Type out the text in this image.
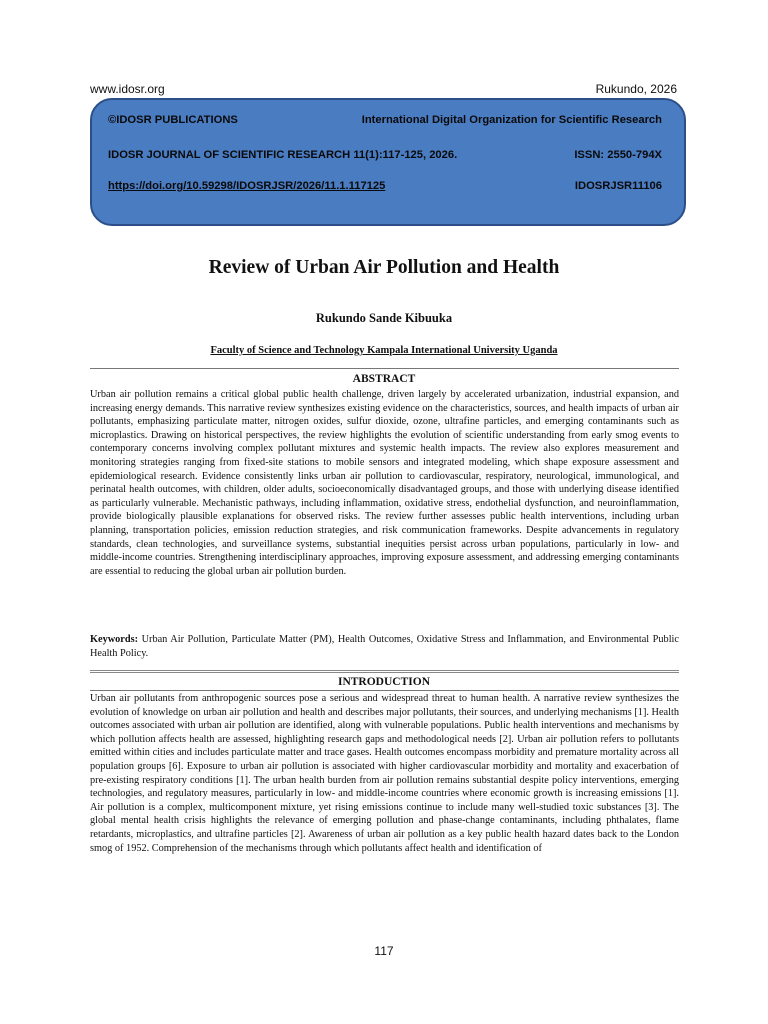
www.idosr.org	Rukundo, 2026
©IDOSR PUBLICATIONS	International Digital Organization for Scientific Research
IDOSR JOURNAL OF SCIENTIFIC RESEARCH 11(1):117-125, 2026.	ISSN: 2550-794X
https://doi.org/10.59298/IDOSRJSR/2026/11.1.117125	IDOSRJSR11106
Review of Urban Air Pollution and Health
Rukundo Sande Kibuuka
Faculty of Science and Technology Kampala International University Uganda
ABSTRACT

Urban air pollution remains a critical global public health challenge, driven largely by accelerated urbanization, industrial expansion, and increasing energy demands. This narrative review synthesizes existing evidence on the characteristics, sources, and health impacts of urban air pollutants, emphasizing particulate matter, nitrogen oxides, sulfur dioxide, ozone, ultrafine particles, and emerging contaminants such as microplastics. Drawing on historical perspectives, the review highlights the evolution of scientific understanding from early smog events to contemporary concerns involving complex pollutant mixtures and systemic health impacts. The review also explores measurement and monitoring strategies ranging from fixed-site stations to mobile sensors and integrated modeling, which shape exposure assessment and epidemiological research. Evidence consistently links urban air pollution to cardiovascular, respiratory, neurological, immunological, and perinatal health outcomes, with children, older adults, socioeconomically disadvantaged groups, and those with underlying disease identified as particularly vulnerable. Mechanistic pathways, including inflammation, oxidative stress, endothelial dysfunction, and neuroinflammation, provide biologically plausible explanations for observed risks. The review further assesses public health interventions, including urban planning, transportation policies, emission reduction strategies, and risk communication frameworks. Despite advancements in regulatory standards, clean technologies, and surveillance systems, substantial inequities persist across urban populations, particularly in low- and middle-income countries. Strengthening interdisciplinary approaches, improving exposure assessment, and addressing emerging contaminants are essential to reducing the global urban air pollution burden.

Keywords: Urban Air Pollution, Particulate Matter (PM), Health Outcomes, Oxidative Stress and Inflammation, and Environmental Public Health Policy.

INTRODUCTION

Urban air pollutants from anthropogenic sources pose a serious and widespread threat to human health. A narrative review synthesizes the evolution of knowledge on urban air pollution and health and describes major pollutants, their sources, and underlying mechanisms [1]. Health outcomes associated with urban air pollution are identified, along with vulnerable populations. Public health interventions and mechanisms by which pollution affects health are assessed, highlighting research gaps and methodological needs [2]. Urban air pollution refers to pollutants emitted within cities and includes particulate matter and trace gases. Health outcomes encompass morbidity and premature mortality across all population groups [6]. Exposure to urban air pollution is associated with higher cardiovascular morbidity and mortality and exacerbation of pre-existing respiratory conditions [1]. The urban health burden from air pollution remains substantial despite policy interventions, emerging technologies, and regulatory measures, particularly in low- and middle-income countries where economic growth is increasing emissions [1]. Air pollution is a complex, multicomponent mixture, yet rising emissions continue to include many well-studied toxic substances [3]. The global mental health crisis highlights the relevance of emerging pollution and phase-change contaminants, including phthalates, flame retardants, microplastics, and ultrafine particles [2]. Awareness of urban air pollution as a key public health hazard dates back to the London smog of 1952. Comprehension of the mechanisms through which pollutants affect health and identification of

117
